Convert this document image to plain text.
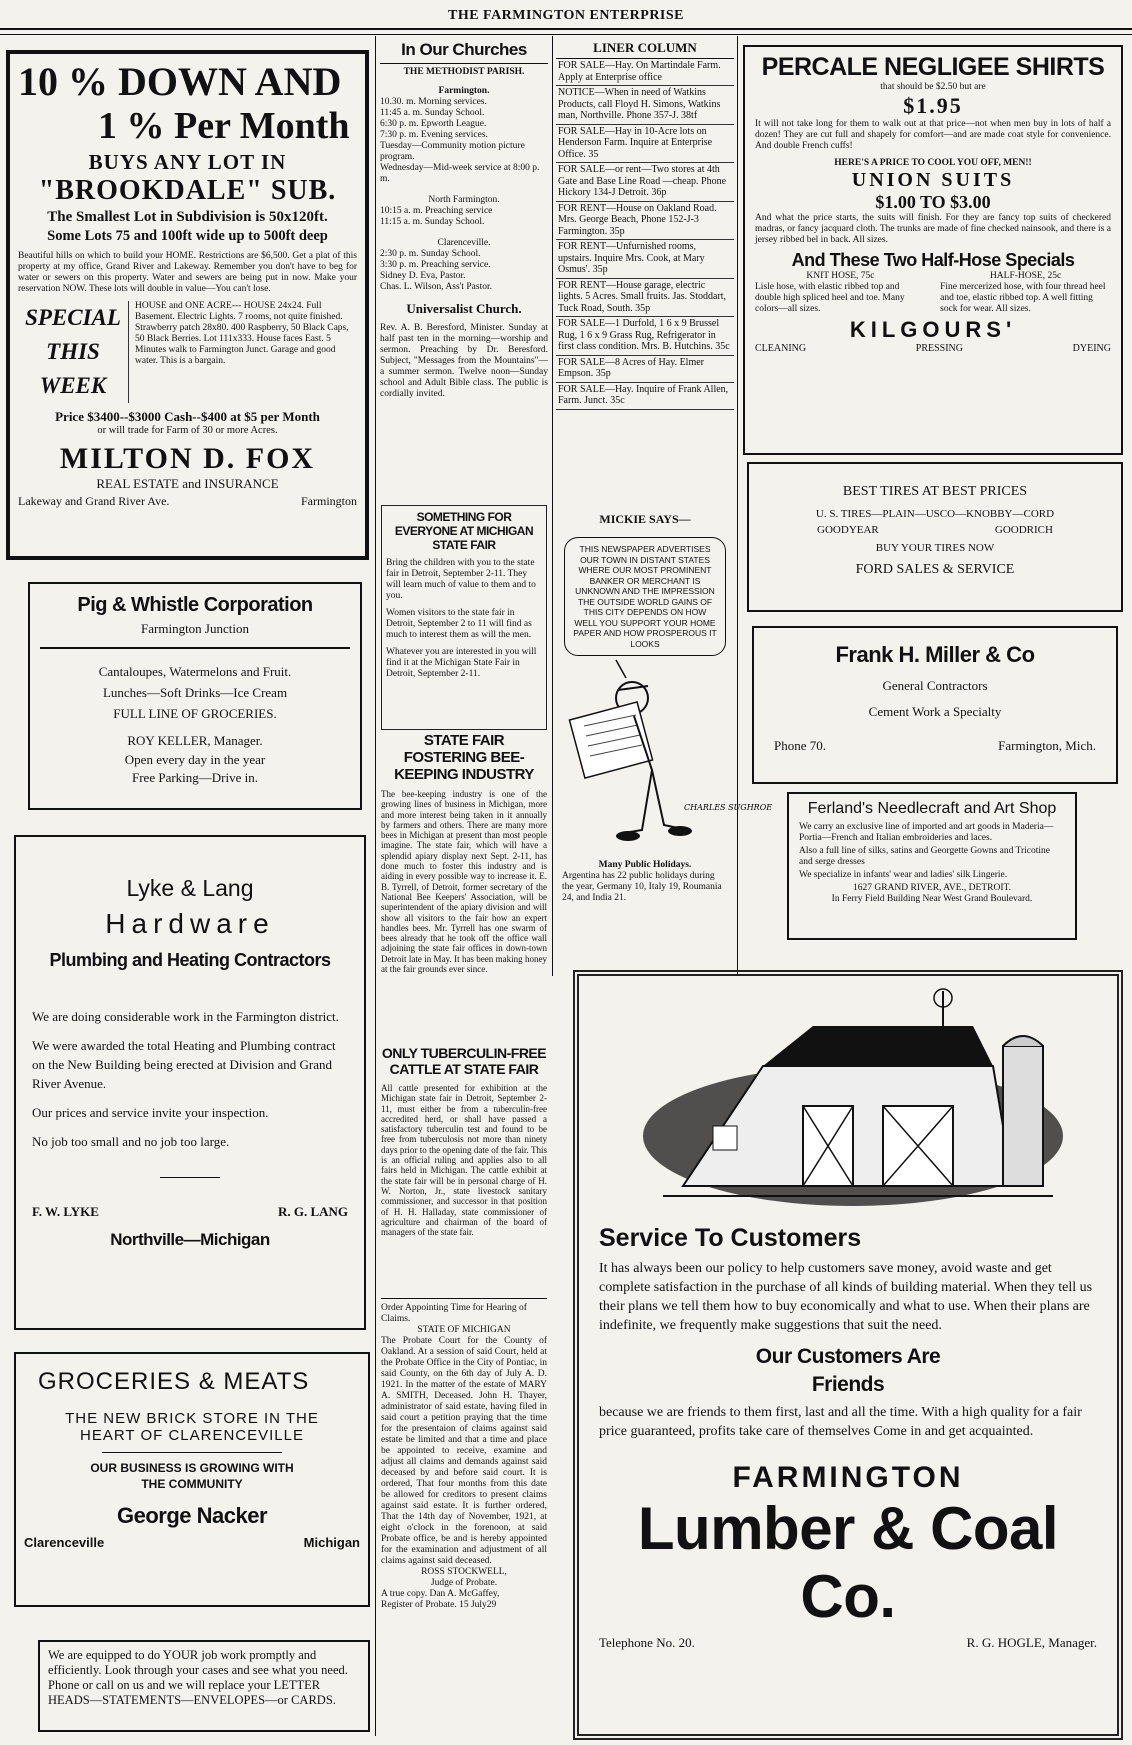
THE FARMINGTON ENTERPRISE
10 % DOWN AND
1 % Per Month
BUYS ANY LOT IN
"BROOKDALE" SUB.
The Smallest Lot in Subdivision is 50x120ft.
Some Lots 75 and 100ft wide up to 500ft deep

Beautiful hills on which to build your HOME. Restrictions are $6,500. Get a plat of this property at my office, Grand River and Lakeway. Remember you don't have to beg for water or sewers on this property. Water and sewers are being put in now. Make your reservation NOW. These lots will double in value—You can't lose.

SPECIAL
THIS
WEEK

HOUSE and ONE ACRE--- HOUSE 24x24. Full Basement. Electric Lights. 7 rooms, not quite finished. Strawberry patch 28x80. 400 Raspberry, 50 Black Caps, 50 Black Berries. Lot 111x333. House faces East. 5 Minutes walk to Farmington Junct. Garage and good water. This is a bargain.

Price $3400--$3000 Cash--$400 at $5 per Month
or will trade for Farm of 30 or more Acres.
MILTON D. FOX
REAL ESTATE and INSURANCE
Lakeway and Grand River Ave.	Farmington
Pig & Whistle Corporation
Farmington Junction
Cantaloupes, Watermelons and Fruit.
Lunches—Soft Drinks—Ice Cream
FULL LINE OF GROCERIES.
ROY KELLER, Manager.
Open every day in the year
Free Parking—Drive in.
Lyke & Lang
Hardware
Plumbing and Heating Contractors

We are doing considerable work in the Farmington district.

We were awarded the total Heating and Plumbing contract on the New Building being erected at Division and Grand River Avenue.

Our prices and service invite your inspection.

No job too small and no job too large.

F. W. LYKE	R. G. LANG
Northville—Michigan
GROCERIES & MEATS
THE NEW BRICK STORE IN THE
HEART OF CLARENCEVILLE
OUR BUSINESS IS GROWING WITH
THE COMMUNITY
George Nacker
Clarenceville	Michigan

We are equipped to do YOUR job work promptly and efficiently. Look through your cases and see what you need. Phone or call on us and we will replace your LETTER HEADS—STATEMENTS—ENVELOPES—or CARDS.

In Our Churches
THE METHODIST PARISH.
Farmington.
10.30. m. Morning services.
11:45 a. m. Sunday School.
6:30 p. m. Epworth League.
7:30 p. m. Evening services.
Tuesday—Community motion picture program.
Wednesday—Mid-week service at 8:00 p. m.
North Farmington.
10:15 a. m. Preaching service
11:15 a. m. Sunday School.
Clarenceville.
2:30 p. m. Sunday School.
3:30 p. m. Preaching service.
Sidney D. Eva, Pastor.
Chas. L. Wilson, Ass't Pastor.
Universalist Church.

Rev. A. B. Beresford, Minister. Sunday at half past ten in the morning—worship and sermon. Preaching by Dr. Beresford. Subject, "Messages from the Mountains"—a summer sermon. Twelve noon—Sunday school and Adult Bible class. The public is cordially invited.

SOMETHING FOR EVERYONE AT MICHIGAN STATE FAIR

Bring the children with you to the state fair in Detroit, September 2-11. They will learn much of value to them and to you.

Women visitors to the state fair in Detroit, September 2 to 11 will find as much to interest them as will the men.

Whatever you are interested in you will find it at the Michigan State Fair in Detroit, September 2-11.

STATE FAIR FOSTERING BEE-KEEPING INDUSTRY

The bee-keeping industry is one of the growing lines of business in Michigan, more and more interest being taken in it annually by farmers and others. There are many more bees in Michigan at present than most people imagine. The state fair, which will have a splendid apiary display next Sept. 2-11, has done much to foster this industry and is aiding in every possible way to increase it. E. B. Tyrrell, of Detroit, former secretary of the National Bee Keepers' Association, will be superintendent of the apiary division and will show all visitors to the fair how an expert handles bees. Mr. Tyrrell has one swarm of bees already that he took off the office wall adjoining the state fair offices in down-town Detroit late in May. It has been making honey at the fair grounds ever since.

ONLY TUBERCULIN-FREE CATTLE AT STATE FAIR

All cattle presented for exhibition at the Michigan state fair in Detroit, September 2-11, must either be from a tuberculin-free accredited herd, or shall have passed a satisfactory tuberculin test and found to be free from tuberculosis not more than ninety days prior to the opening date of the fair. This is an official ruling and applies also to all fairs held in Michigan. The cattle exhibit at the state fair will be in personal charge of H. W. Norton, Jr., state livestock sanitary commissioner, and successor in that position of H. H. Halladay, state commissioner of agriculture and chairman of the board of managers of the state fair.

Order Appointing Time for Hearing of Claims.
STATE OF MICHIGAN

The Probate Court for the County of Oakland. At a session of said Court, held at the Probate Office in the City of Pontiac, in said County, on the 6th day of July A. D. 1921. In the matter of the estate of MARY A. SMITH, Deceased. John H. Thayer, administrator of said estate, having filed in said court a petition praying that the time for the presentaion of claims against said estate be limited and that a time and place be appointed to receive, examine and adjust all claims and demands against said deceased by and before said court. It is ordered, That four months from this date be allowed for creditors to present claims against said estate. It is further ordered, That the 14th day of November, 1921, at eight o'clock in the forenoon, at said Probate office, be and is hereby appointed for the examination and adjustment of all claims against said deceased.

ROSS STOCKWELL,
Judge of Probate.
A true copy. Dan A. McGaffey,
Register of Probate. 15 July29
LINER COLUMN
FOR SALE—Hay. On Martindale Farm. Apply at Enterprise office
NOTICE—When in need of Watkins Products, call Floyd H. Simons, Watkins man, Northville. Phone 357-J. 38tf
FOR SALE—Hay in 10-Acre lots on Henderson Farm. Inquire at Enterprise Office. 35
FOR SALE—or rent—Two stores at 4th Gate and Base Line Road —cheap. Phone Hickory 134-J Detroit. 36p
FOR RENT—House on Oakland Road. Mrs. George Beach, Phone 152-J-3 Farmington. 35p
FOR RENT—Unfurnished rooms, upstairs. Inquire Mrs. Cook, at Mary Osmus'. 35p
FOR RENT—House garage, electric lights. 5 Acres. Small fruits. Jas. Stoddart, Tuck Road, South. 35p
FOR SALE—1 Durfold, 1 6 x 9 Brussel Rug, 1 6 x 9 Grass Rug, Refrigerator in first class condition. Mrs. B. Hutchins. 35c
FOR SALE—8 Acres of Hay. Elmer Empson. 35p
FOR SALE—Hay. Inquire of Frank Allen, Farm. Junct. 35c
MICKIE SAYS—
THIS NEWSPAPER ADVERTISES OUR TOWN IN DISTANT STATES WHERE OUR MOST PROMINENT BANKER OR MERCHANT IS UNKNOWN AND THE IMPRESSION THE OUTSIDE WORLD GAINS OF THIS CITY DEPENDS ON HOW WELL YOU SUPPORT YOUR HOME PAPER AND HOW PROSPEROUS IT LOOKS
CHARLES SUGHROE
Many Public Holidays.

Argentina has 22 public holidays during the year, Germany 10, Italy 19, Roumania 24, and India 21.

PERCALE NEGLIGEE SHIRTS
that should be $2.50 but are
$1.95

It will not take long for them to walk out at that price—not when men buy in lots of half a dozen! They are cut full and shapely for comfort—and are made coat style for convenience. And double French cuffs!

HERE'S A PRICE TO COOL YOU OFF, MEN!!
UNION SUITS
$1.00 TO $3.00

And what the price starts, the suits will finish. For they are fancy top suits of checkered madras, or fancy jacquard cloth. The trunks are made of fine checked nainsook, and there is a jersey ribbed bel in back. All sizes.

And These Two Half-Hose Specials
KNIT HOSE, 75c

Lisle hose, with elastic ribbed top and double high spliced heel and toe. Many colors—all sizes.

HALF-HOSE, 25c

Fine mercerized hose, with four thread heel and toe, elastic ribbed top. A well fitting sock for wear. All sizes.

KILGOURS'
CLEANING	PRESSING	DYEING
BEST TIRES AT BEST PRICES
U. S. TIRES—PLAIN—USCO—KNOBBY—CORD
GOODYEAR	GOODRICH
BUY YOUR TIRES NOW
FORD SALES & SERVICE
Frank H. Miller & Co
General Contractors
Cement Work a Specialty
Phone 70.	Farmington, Mich.
Ferland's Needlecraft and Art Shop

We carry an exclusive line of imported and art goods in Maderia—Portia—French and Italian embroideries and laces.

Also a full line of silks, satins and Georgette Gowns and Tricotine and serge dresses

We specialize in infants' wear and ladies' silk Lingerie.

1627 GRAND RIVER, AVE., DETROIT.
In Ferry Field Building Near West Grand Boulevard.
Service To Customers

It has always been our policy to help customers save money, avoid waste and get complete satisfaction in the purchase of all kinds of building material. When they tell us their plans we tell them how to buy economically and what to use. When their plans are indefinite, we frequently make suggestions that suit the need.

Our Customers Are
Friends

because we are friends to them first, last and all the time. With a high quality for a fair price guaranteed, profits take care of themselves Come in and get acquainted.

FARMINGTON
Lumber & Coal Co.
Telephone No. 20.	R. G. HOGLE, Manager.
